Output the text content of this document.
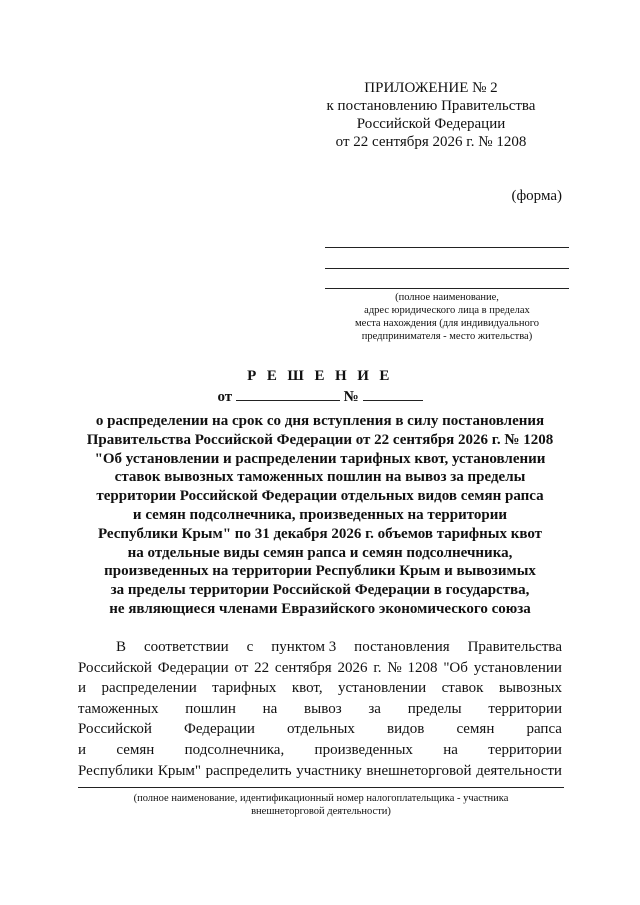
ПРИЛОЖЕНИЕ № 2
к постановлению Правительства
Российской Федерации
от 22 сентября 2026 г. № 1208
(форма)
(полное наименование,
адрес юридического лица в пределах
места нахождения (для индивидуального
предпринимателя - место жительства)
Р Е Ш Е Н И Е
от	№
о распределении на срок со дня вступления в силу постановления
Правительства Российской Федерации от 22 сентября 2026 г. № 1208
"Об установлении и распределении тарифных квот, установлении
ставок вывозных таможенных пошлин на вывоз за пределы
территории Российской Федерации отдельных видов семян рапса
и семян подсолнечника, произведенных на территории
Республики Крым" по 31 декабря 2026 г. объемов тарифных квот
на отдельные виды семян рапса и семян подсолнечника,
произведенных на территории Республики Крым и вывозимых
за пределы территории Российской Федерации в государства,
не являющиеся членами Евразийского экономического союза
В соответствии с пунктом 3 постановления Правительства
Российской Федерации от 22 сентября 2026 г. № 1208 "Об установлении
и распределении тарифных квот, установлении ставок вывозных
таможенных пошлин на вывоз за пределы территории
Российской Федерации отдельных видов семян рапса
и семян подсолнечника, произведенных на территории
Республики Крым" распределить участнику внешнеторговой деятельности
(полное наименование, идентификационный номер налогоплательщика - участника
внешнеторговой деятельности)
